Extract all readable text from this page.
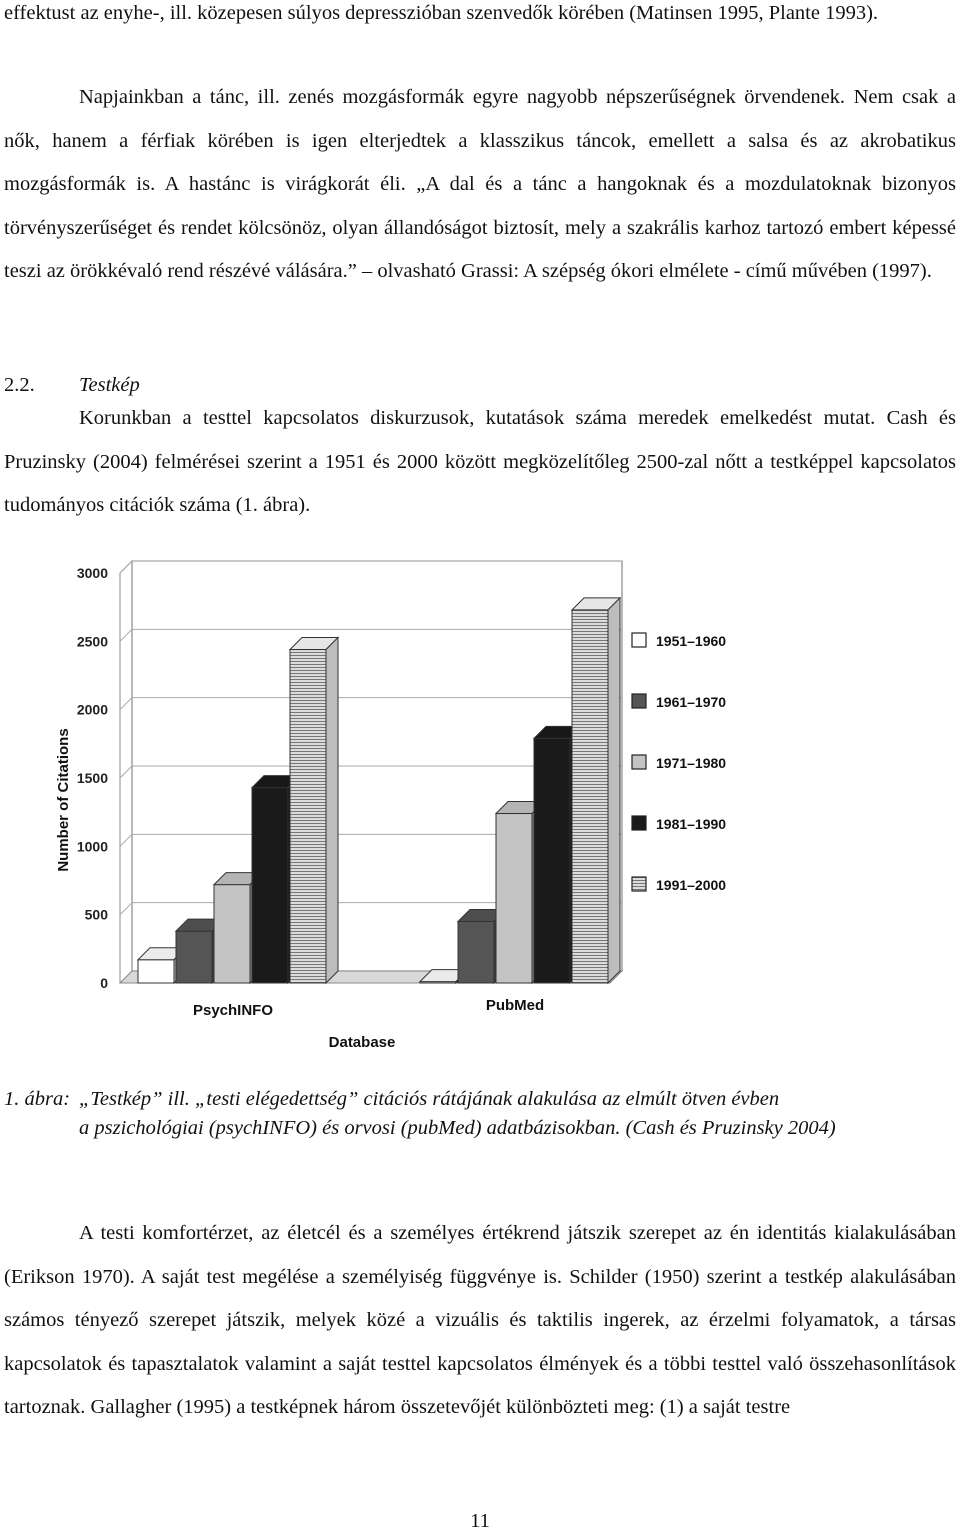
effektust az enyhe-, ill. közepesen súlyos depresszióban szenvedők körében (Matinsen 1995, Plante 1993).

Napjainkban a tánc, ill. zenés mozgásformák egyre nagyobb népszerűségnek örvendenek. Nem csak a nők, hanem a férfiak körében is igen elterjedtek a klasszikus táncok, emellett a salsa és az akrobatikus mozgásformák is. A hastánc is virágkorát éli. „A dal és a tánc a hangoknak és a mozdulatoknak bizonyos törvényszerűséget és rendet kölcsönöz, olyan állandóságot biztosít, mely a szakrális karhoz tartozó embert képessé teszi az örökkévaló rend részévé válására.” – olvasható Grassi: A szépség ókori elmélete - című művében (1997).

2.2. Testkép

Korunkban a testtel kapcsolatos diskurzusok, kutatások száma meredek emelkedést mutat. Cash és Pruzinsky (2004) felmérései szerint a 1951 és 2000 között megközelítőleg 2500-zal nőtt a testképpel kapcsolatos tudományos citációk száma (1. ábra).

0
500
1000
1500
2000
2500
3000
PsychINFO	PubMed
1951–1960
1961–1970
1971–1980
1981–1990
1991–2000
Number of Citations
Database

1. ábra: „Testkép” ill. „testi elégedettség” citációs rátájának alakulása az elmúlt ötven évben
a pszichológiai (psychINFO) és orvosi (pubMed) adatbázisokban. (Cash és Pruzinsky 2004)

A testi komfortérzet, az életcél és a személyes értékrend játszik szerepet az én identitás kialakulásában (Erikson 1970). A saját test megélése a személyiség függvénye is. Schilder (1950) szerint a testkép alakulásában számos tényező szerepet játszik, melyek közé a vizuális és taktilis ingerek, az érzelmi folyamatok, a társas kapcsolatok és tapasztalatok valamint a saját testtel kapcsolatos élmények és a többi testtel való összehasonlítások tartoznak. Gallagher (1995) a testképnek három összetevőjét különbözteti meg: (1) a saját testre

11
